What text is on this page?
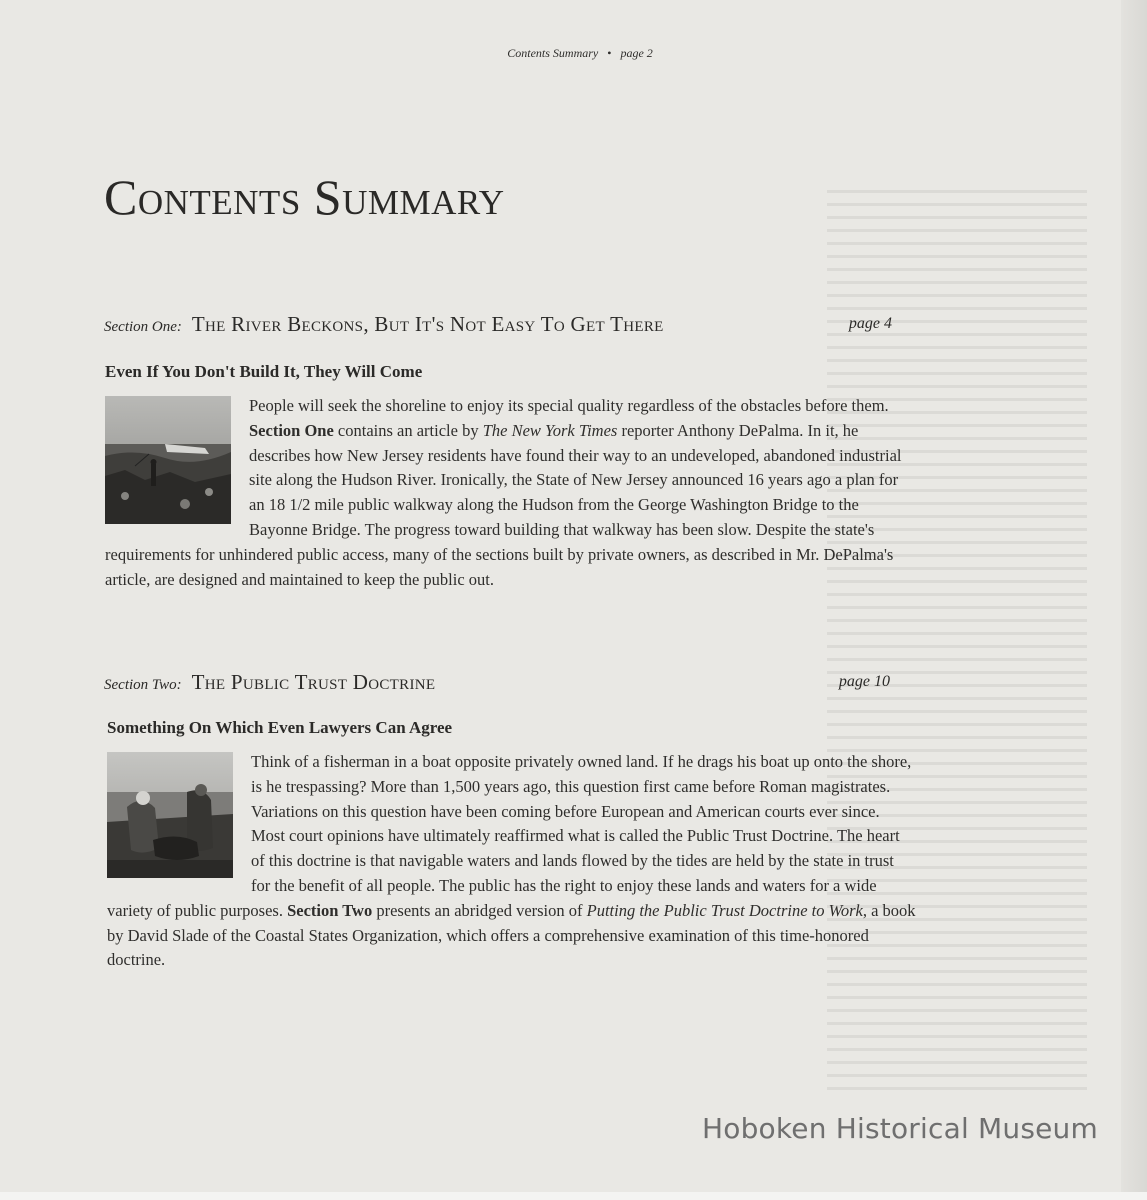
Contents Summary • page 2
Contents Summary
Section One: The River Beckons, But It's Not Easy To Get There	page 4
Even If You Don't Build It, They Will Come

People will seek the shoreline to enjoy its special quality regardless of the obstacles before them. Section One contains an article by The New York Times reporter Anthony DePalma. In it, he describes how New Jersey residents have found their way to an undeveloped, abandoned industrial site along the Hudson River. Ironically, the State of New Jersey announced 16 years ago a plan for an 18 1/2 mile public walkway along the Hudson from the George Washington Bridge to the Bayonne Bridge. The progress toward building that walkway has been slow. Despite the state's requirements for unhindered public access, many of the sections built by private owners, as described in Mr. DePalma's article, are designed and maintained to keep the public out.

Section Two: The Public Trust Doctrine	page 10
Something On Which Even Lawyers Can Agree

Think of a fisherman in a boat opposite privately owned land. If he drags his boat up onto the shore, is he trespassing? More than 1,500 years ago, this question first came before Roman magistrates. Variations on this question have been coming before European and American courts ever since. Most court opinions have ultimately reaffirmed what is called the Public Trust Doctrine. The heart of this doctrine is that navigable waters and lands flowed by the tides are held by the state in trust for the benefit of all people. The public has the right to enjoy these lands and waters for a wide variety of public purposes. Section Two presents an abridged version of Putting the Public Trust Doctrine to Work, a book by David Slade of the Coastal States Organization, which offers a comprehensive examination of this time-honored doctrine.

Hoboken Historical Museum
